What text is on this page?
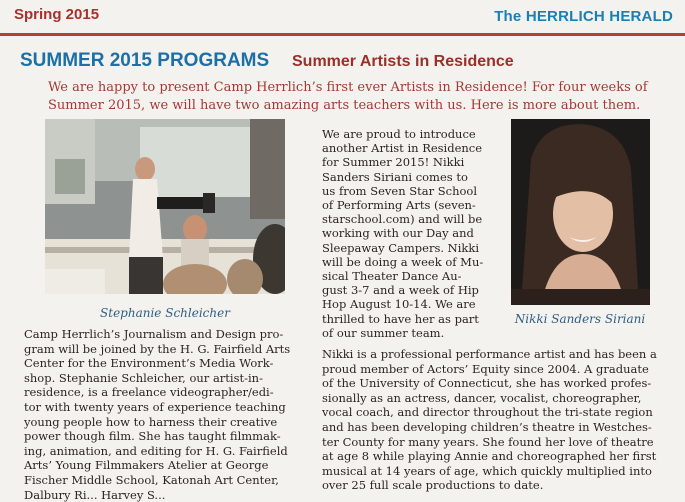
Spring 2015	The HERRLICH HERALD
SUMMER 2015 PROGRAMS Summer Artists in Residence
We are happy to present Camp Herrlich’s first ever Artists in Residence! For four weeks of
Summer 2015, we will have two amazing arts teachers with us. Here is more about them.
Stephanie Schleicher	Nikki Sanders Siriani
We are proud to introduce
another Artist in Residence
for Summer 2015! Nikki
Sanders Siriani comes to
us from Seven Star School
of Performing Arts (seven-
starschool.com) and will be
working with our Day and
Sleepaway Campers. Nikki
will be doing a week of Mu-
sical Theater Dance Au-
gust 3-7 and a week of Hip
Hop August 10-14. We are
thrilled to have her as part
of our summer team.
Camp Herrlich’s Journalism and Design pro-
gram will be joined by the H. G. Fairfield Arts
Center for the Environment’s Media Work-
shop. Stephanie Schleicher, our artist-in-
residence, is a freelance videographer/edi-
tor with twenty years of experience teaching
young people how to harness their creative
power though film. She has taught filmmak-
ing, animation, and editing for H. G. Fairfield
Arts’ Young Filmmakers Atelier at George
Fischer Middle School, Katonah Art Center,
Dalbury Ri... Harvey S...
Nikki is a professional performance artist and has been a
proud member of Actors’ Equity since 2004. A graduate
of the University of Connecticut, she has worked profes-
sionally as an actress, dancer, vocalist, choreographer,
vocal coach, and director throughout the tri-state region
and has been developing children’s theatre in Westches-
ter County for many years. She found her love of theatre
at age 8 while playing Annie and choreographed her first
musical at 14 years of age, which quickly multiplied into
over 25 full scale productions to date.
